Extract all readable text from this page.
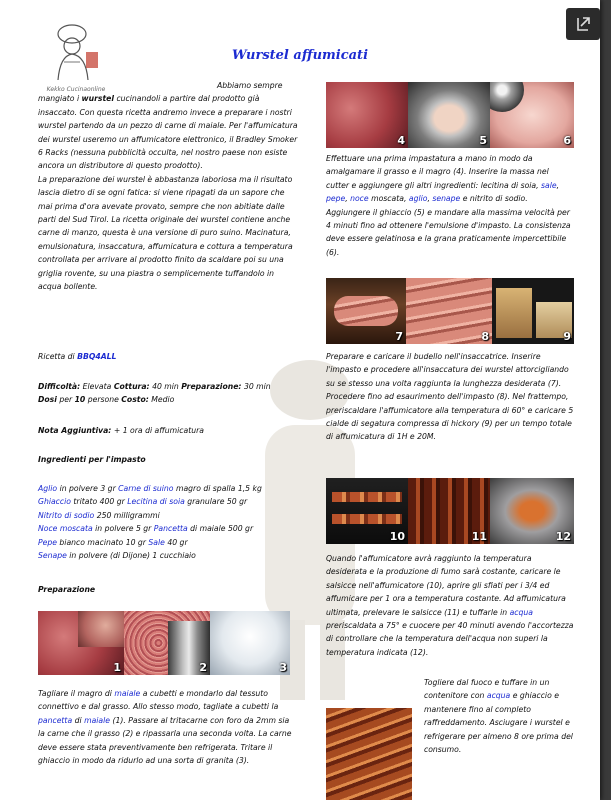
Kekko Cucinaonline
Wurstel affumicati

Abbiamo sempre mangiato i wurstel cucinandoli a partire dal prodotto già insaccato. Con questa ricetta andremo invece a preparare i nostri wurstel partendo da un pezzo di carne di maiale. Per l'affumicatura dei wurstel useremo un affumicatore elettronico, il Bradley Smoker 6 Racks (nessuna pubblicità occulta, nel nostro paese non esiste ancora un distributore di questo prodotto).

La preparazione dei wurstel è abbastanza laboriosa ma il risultato lascia dietro di se ogni fatica: si viene ripagati da un sapore che mai prima d'ora avevate provato, sempre che non abitiate dalle parti del Sud Tirol. La ricetta originale dei wurstel contiene anche carne di manzo, questa è una versione di puro suino. Macinatura, emulsionatura, insaccatura, affumicatura e cottura a temperatura controllata per arrivare al prodotto finito da scaldare poi su una griglia rovente, su una piastra o semplicemente tuffandolo in acqua bollente.

Ricetta di BBQ4ALL

Difficoltà: Elevata Cottura: 40 min Preparazione: 30 min

Dosi per 10 persone Costo: Medio

Nota Aggiuntiva: + 1 ora di affumicatura
Ingredienti per l'impasto

Aglio in polvere 3 gr Carne di suino magro di spalla 1,5 kg

Ghiaccio tritato 400 gr Lecitina di soia granulare 50 gr

Nitrito di sodio 250 milligrammi

Noce moscata in polvere 5 gr Pancetta di maiale 500 gr

Pepe bianco macinato 10 gr Sale 40 gr

Senape in polvere (di Dijone) 1 cucchiaio

Preparazione
1	2	3

Tagliare il magro di maiale a cubetti e mondarlo dal tessuto connettivo e dal grasso. Allo stesso modo, tagliate a cubetti la pancetta di maiale (1). Passare al tritacarne con foro da 2mm sia la carne che il grasso (2) e ripassarla una seconda volta. La carne deve essere stata preventivamente ben refrigerata. Tritare il ghiaccio in modo da ridurlo ad una sorta di granita (3).

4	5	6

Effettuare una prima impastatura a mano in modo da amalgamare il grasso e il magro (4). Inserire la massa nel cutter e aggiungere gli altri ingredienti: lecitina di soia, sale, pepe, noce moscata, aglio, senape e nitrito di sodio. Aggiungere il ghiaccio (5) e mandare alla massima velocità per 4 minuti fino ad ottenere l'emulsione d'impasto. La consistenza deve essere gelatinosa e la grana praticamente impercettibile (6).

7	8	9

Preparare e caricare il budello nell'insaccatrice. Inserire l'impasto e procedere all'insaccatura dei wurstel attorcigliando su se stesso una volta raggiunta la lunghezza desiderata (7). Procedere fino ad esaurimento dell'impasto (8). Nel frattempo, preriscaldare l'affumicatore alla temperatura di 60° e caricare 5 cialde di segatura compressa di hickory (9) per un tempo totale di affumicatura di 1H e 20M.

10	11	12

Quando l'affumicatore avrà raggiunto la temperatura desiderata e la produzione di fumo sarà costante, caricare le salsicce nell'affumicatore (10), aprire gli sfiati per i 3/4 ed affumicare per 1 ora a temperatura costante. Ad affumicatura ultimata, prelevare le salsicce (11) e tuffarle in acqua preriscaldata a 75° e cuocere per 40 minuti avendo l'accortezza di controllare che la temperatura dell'acqua non superi la temperatura indicata (12).

Togliere dal fuoco e tuffare in un contenitore con acqua e ghiaccio e mantenere fino al completo raffreddamento. Asciugare i wurstel e refrigerare per almeno 8 ore prima del consumo.
